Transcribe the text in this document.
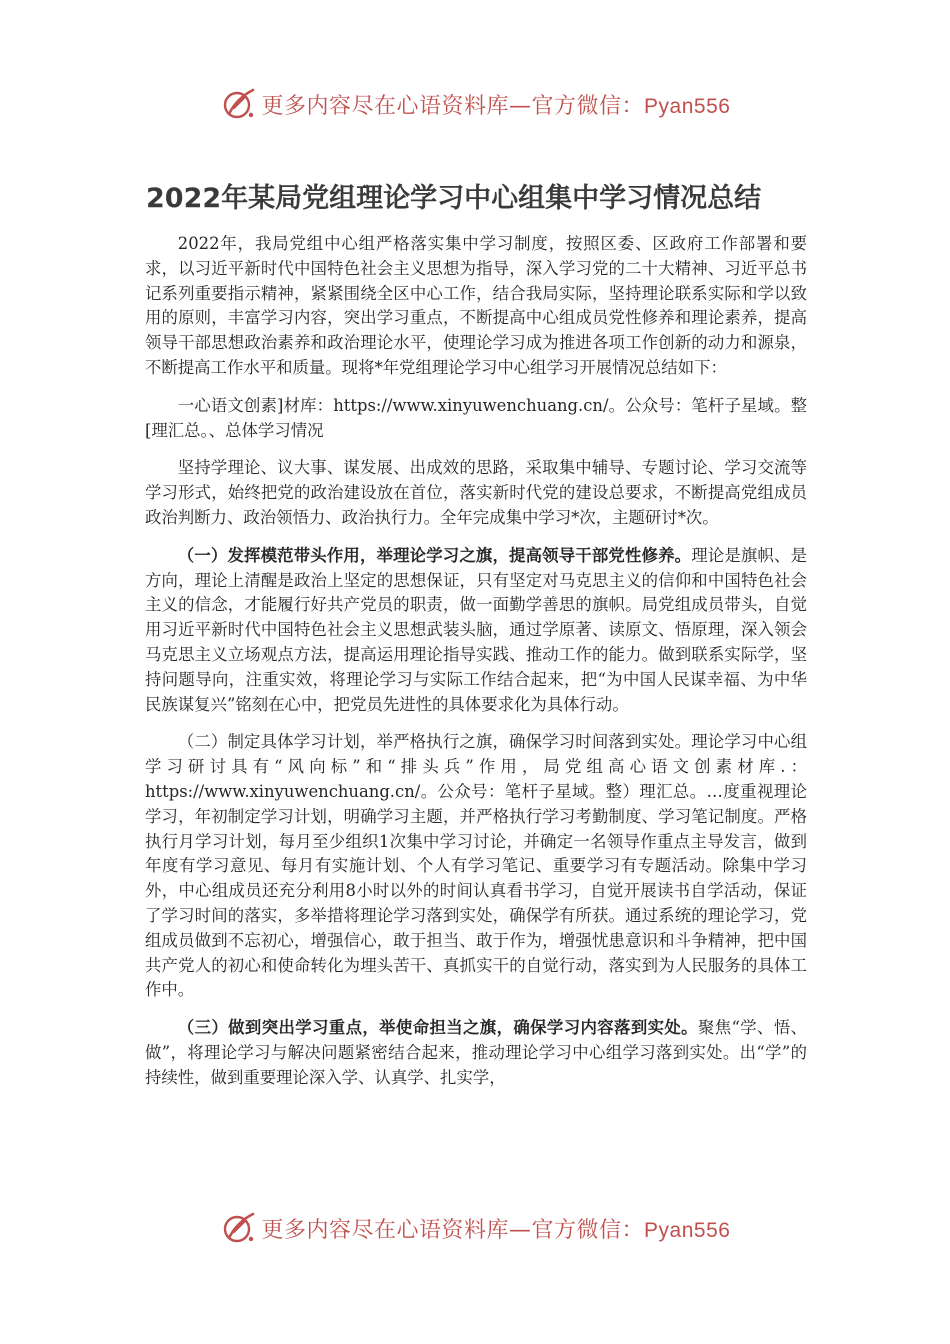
更多内容尽在心语资料库—官方微信：Pyan556
2022年某局党组理论学习中心组集中学习情况总结

2022年，我局党组中心组严格落实集中学习制度，按照区委、区政府工作部署和要求，以习近平新时代中国特色社会主义思想为指导，深入学习党的二十大精神、习近平总书记系列重要指示精神，紧紧围绕全区中心工作，结合我局实际，坚持理论联系实际和学以致用的原则，丰富学习内容，突出学习重点，不断提高中心组成员党性修养和理论素养，提高领导干部思想政治素养和政治理论水平，使理论学习成为推进各项工作创新的动力和源泉，不断提高工作水平和质量。现将*年党组理论学习中心组学习开展情况总结如下：

一心语文创素]材库：https://www.xinyuwenchuang.cn/。公众号：笔杆子星域。整[理汇总。、总体学习情况

坚持学理论、议大事、谋发展、出成效的思路，采取集中辅导、专题讨论、学习交流等学习形式，始终把党的政治建设放在首位，落实新时代党的建设总要求，不断提高党组成员政治判断力、政治领悟力、政治执行力。全年完成集中学习*次，主题研讨*次。

（一）发挥模范带头作用，举理论学习之旗，提高领导干部党性修养。理论是旗帜、是方向，理论上清醒是政治上坚定的思想保证，只有坚定对马克思主义的信仰和中国特色社会主义的信念，才能履行好共产党员的职责，做一面勤学善思的旗帜。局党组成员带头，自觉用习近平新时代中国特色社会主义思想武装头脑，通过学原著、读原文、悟原理，深入领会马克思主义立场观点方法，提高运用理论指导实践、推动工作的能力。做到联系实际学，坚持问题导向，注重实效，将理论学习与实际工作结合起来，把“为中国人民谋幸福、为中华民族谋复兴”铭刻在心中，把党员先进性的具体要求化为具体行动。

（二）制定具体学习计划，举严格执行之旗，确保学习时间落到实处。理论学习中心组学习研讨具有“风向标”和“排头兵”作用，局党组高心语文创素材库.：https://www.xinyuwenchuang.cn/。公众号：笔杆子星域。整）理汇总。…度重视理论学习，年初制定学习计划，明确学习主题，并严格执行学习考勤制度、学习笔记制度。严格执行月学习计划，每月至少组织1次集中学习讨论，并确定一名领导作重点主导发言，做到年度有学习意见、每月有实施计划、个人有学习笔记、重要学习有专题活动。除集中学习外，中心组成员还充分利用8小时以外的时间认真看书学习，自觉开展读书自学活动，保证了学习时间的落实，多举措将理论学习落到实处，确保学有所获。通过系统的理论学习，党组成员做到不忘初心，增强信心，敢于担当、敢于作为，增强忧患意识和斗争精神，把中国共产党人的初心和使命转化为埋头苦干、真抓实干的自觉行动，落实到为人民服务的具体工作中。

（三）做到突出学习重点，举使命担当之旗，确保学习内容落到实处。聚焦“学、悟、做”，将理论学习与解决问题紧密结合起来，推动理论学习中心组学习落到实处。出“学”的持续性，做到重要理论深入学、认真学、扎实学，

更多内容尽在心语资料库—官方微信：Pyan556
